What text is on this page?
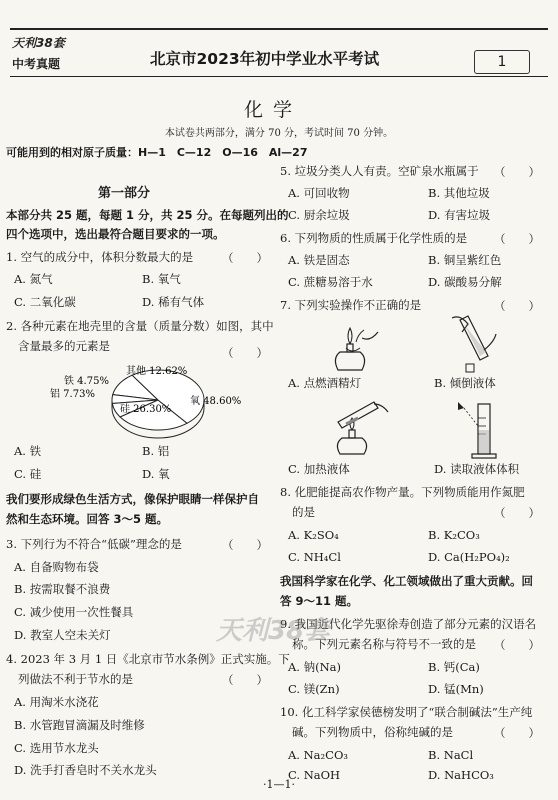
天利38套
中考真题	北京市2023年初中学业水平考试	1
化学
本试卷共两部分，满分 70 分，考试时间 70 分钟。
可能用到的相对原子质量：H—1　C—12　O—16　Al—27
第一部分
本部分共 25 题，每题 1 分，共 25 分。在每题列出的
四个选项中，选出最符合题目要求的一项。
1. 空气的成分中，体积分数最大的是	（　　）
A. 氮气	B. 氧气
C. 二氧化碳	D. 稀有气体
2. 各种元素在地壳里的含量（质量分数）如图，其中
含量最多的元素是	（　　）
其他 12.62%
铁 4.75%
铝 7.73%
硅 26.30%
氧 48.60%
A. 铁	B. 铝
C. 硅	D. 氧
我们要形成绿色生活方式，像保护眼睛一样保护自
然和生态环境。回答 3～5 题。
3. 下列行为不符合“低碳”理念的是	（　　）
A. 自备购物布袋
B. 按需取餐不浪费
C. 减少使用一次性餐具
D. 教室人空未关灯
4. 2023 年 3 月 1 日《北京市节水条例》正式实施。下
列做法不利于节水的是	（　　）
A. 用淘米水浇花
B. 水管跑冒滴漏及时维修
C. 选用节水龙头
D. 洗手打香皂时不关水龙头
5. 垃圾分类人人有责。空矿泉水瓶属于 （　　）
A. 可回收物	B. 其他垃圾
C. 厨余垃圾	D. 有害垃圾
6. 下列物质的性质属于化学性质的是 （　　）
A. 铁是固态	B. 铜呈紫红色
C. 蔗糖易溶于水	D. 碳酸易分解
7. 下列实验操作不正确的是	（　　）
A. 点燃酒精灯	B. 倾倒液体
C. 加热液体	D. 读取液体体积
8. 化肥能提高农作物产量。下列物质能用作氮肥
的是	（　　）
A. K₂SO₄	B. K₂CO₃
C. NH₄Cl	D. Ca(H₂PO₄)₂
我国科学家在化学、化工领域做出了重大贡献。回
答 9～11 题。
9. 我国近代化学先驱徐寿创造了部分元素的汉语名
称。下列元素名称与符号不一致的是 （　　）
A. 钠(Na)	B. 钙(Ca)
C. 镁(Zn)	D. 锰(Mn)
10. 化工科学家侯德榜发明了“联合制碱法”生产纯
碱。下列物质中，俗称纯碱的是	（　　）
A. Na₂CO₃	B. NaCl
C. NaOH	D. NaHCO₃
天利38套
·1—1·
